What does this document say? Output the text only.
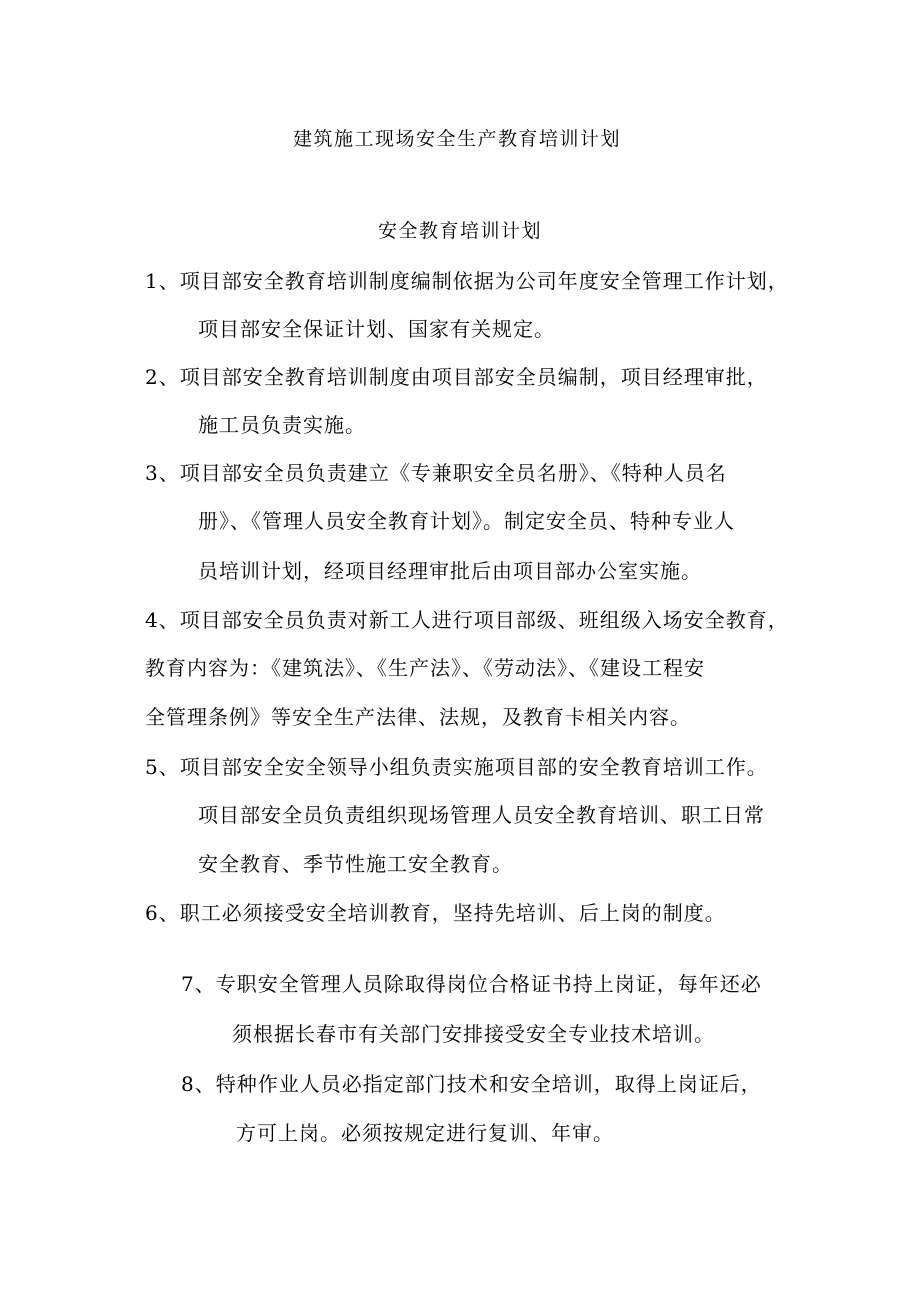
建筑施工现场安全生产教育培训计划
安全教育培训计划
1、项目部安全教育培训制度编制依据为公司年度安全管理工作计划，
项目部安全保证计划、国家有关规定。
2、项目部安全教育培训制度由项目部安全员编制，项目经理审批，
施工员负责实施。
3、项目部安全员负责建立《专兼职安全员名册》、《特种人员名
册》、《管理人员安全教育计划》。制定安全员、特种专业人
员培训计划，经项目经理审批后由项目部办公室实施。
4、项目部安全员负责对新工人进行项目部级、班组级入场安全教育，
教育内容为：《建筑法》、《生产法》、《劳动法》、《建设工程安
全管理条例》等安全生产法律、法规，及教育卡相关内容。
5、项目部安全安全领导小组负责实施项目部的安全教育培训工作。
项目部安全员负责组织现场管理人员安全教育培训、职工日常
安全教育、季节性施工安全教育。
6、职工必须接受安全培训教育，坚持先培训、后上岗的制度。
7、专职安全管理人员除取得岗位合格证书持上岗证，每年还必
须根据长春市有关部门安排接受安全专业技术培训。
8、特种作业人员必指定部门技术和安全培训，取得上岗证后，
方可上岗。必须按规定进行复训、年审。
